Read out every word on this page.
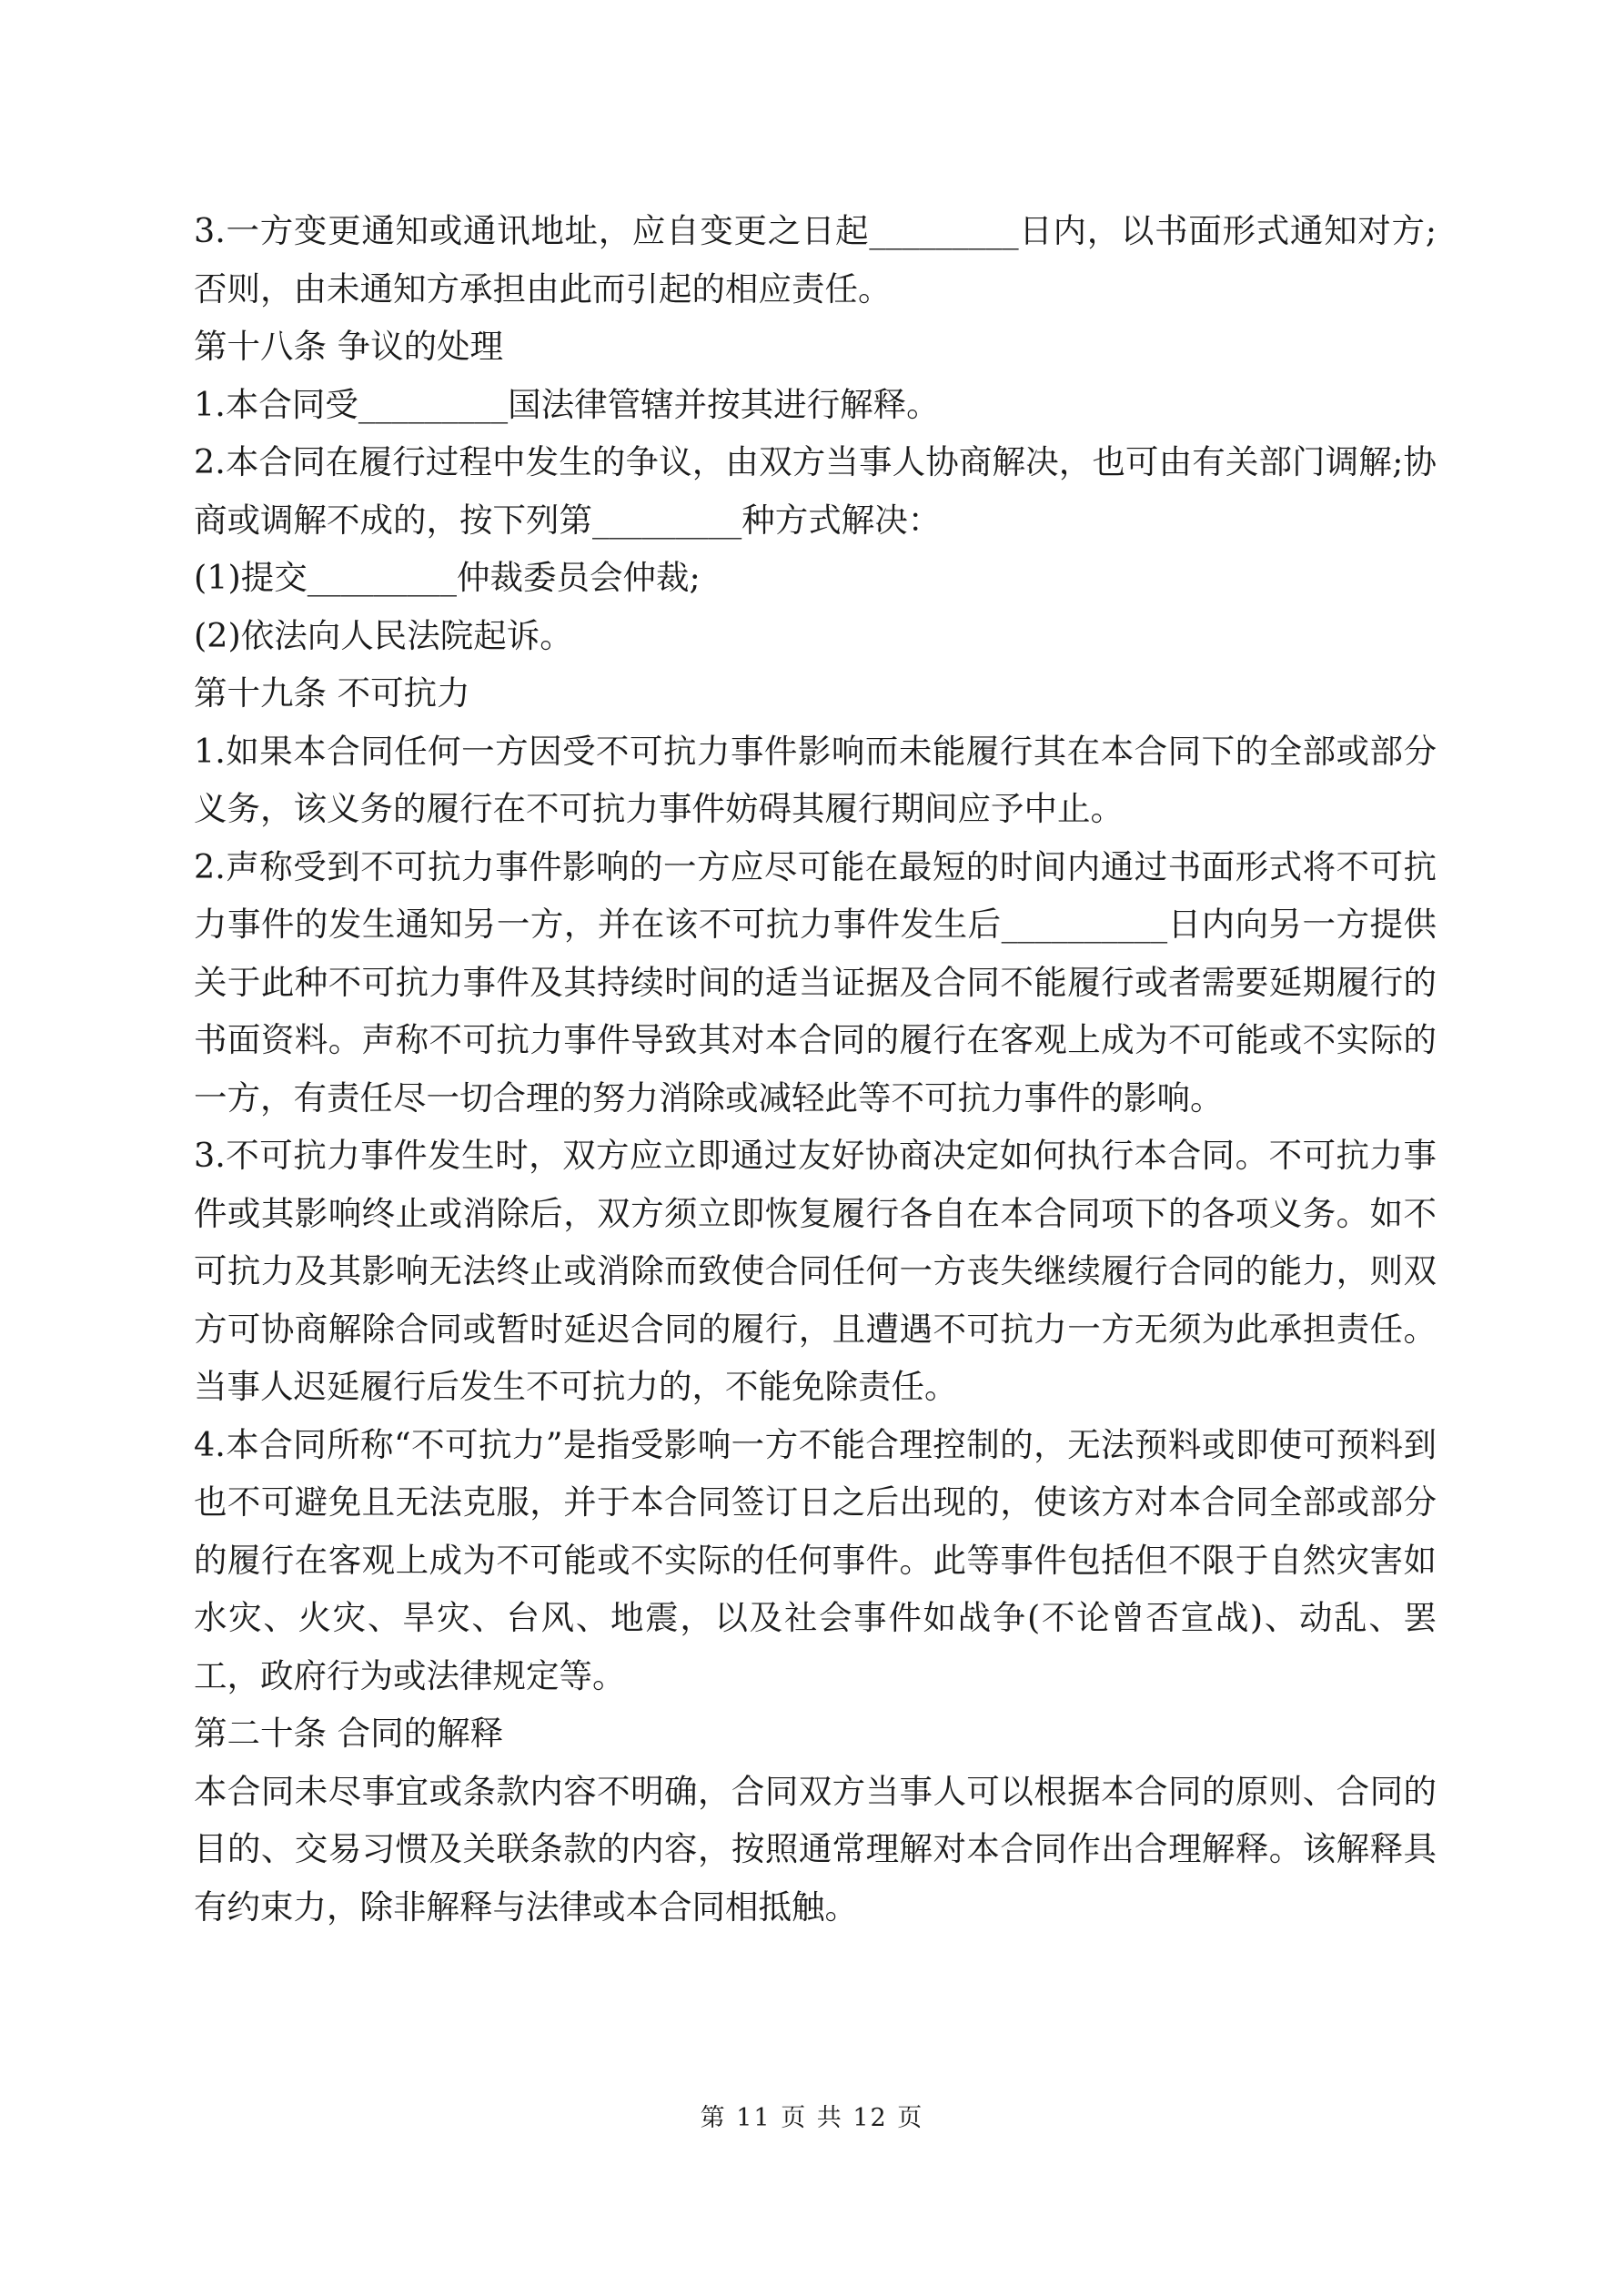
3.一方变更通知或通讯地址，应自变更之日起_________日内，以书面形式通知对方;否则，由未通知方承担由此而引起的相应责任。

第十八条 争议的处理

1.本合同受_________国法律管辖并按其进行解释。

2.本合同在履行过程中发生的争议，由双方当事人协商解决，也可由有关部门调解;协商或调解不成的，按下列第_________种方式解决：

(1)提交_________仲裁委员会仲裁;

(2)依法向人民法院起诉。

第十九条 不可抗力

1.如果本合同任何一方因受不可抗力事件影响而未能履行其在本合同下的全部或部分义务，该义务的履行在不可抗力事件妨碍其履行期间应予中止。

2.声称受到不可抗力事件影响的一方应尽可能在最短的时间内通过书面形式将不可抗力事件的发生通知另一方，并在该不可抗力事件发生后__________日内向另一方提供关于此种不可抗力事件及其持续时间的适当证据及合同不能履行或者需要延期履行的书面资料。声称不可抗力事件导致其对本合同的履行在客观上成为不可能或不实际的一方，有责任尽一切合理的努力消除或减轻此等不可抗力事件的影响。

3.不可抗力事件发生时，双方应立即通过友好协商决定如何执行本合同。不可抗力事件或其影响终止或消除后，双方须立即恢复履行各自在本合同项下的各项义务。如不可抗力及其影响无法终止或消除而致使合同任何一方丧失继续履行合同的能力，则双方可协商解除合同或暂时延迟合同的履行，且遭遇不可抗力一方无须为此承担责任。当事人迟延履行后发生不可抗力的，不能免除责任。

4.本合同所称“不可抗力”是指受影响一方不能合理控制的，无法预料或即使可预料到也不可避免且无法克服，并于本合同签订日之后出现的，使该方对本合同全部或部分的履行在客观上成为不可能或不实际的任何事件。此等事件包括但不限于自然灾害如水灾、火灾、旱灾、台风、地震，以及社会事件如战争(不论曾否宣战)、动乱、罢工，政府行为或法律规定等。

第二十条 合同的解释

本合同未尽事宜或条款内容不明确，合同双方当事人可以根据本合同的原则、合同的目的、交易习惯及关联条款的内容，按照通常理解对本合同作出合理解释。该解释具有约束力，除非解释与法律或本合同相抵触。

第 11 页 共 12 页
